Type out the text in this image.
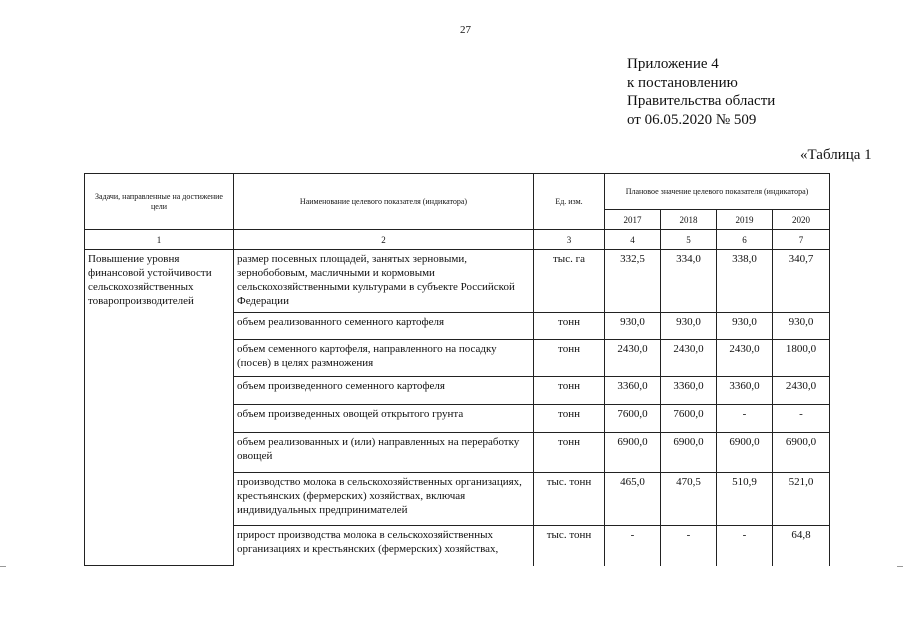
27
Приложение 4
к постановлению
Правительства области
от 06.05.2020 № 509
«Таблица 1
Задачи, направленные на достижение цели	Наименование целевого показателя (индикатора)	Ед. изм.	Плановое значение целевого показателя (индикатора)			
			2017	2018	2019	2020
1	2	3	4	5	6	7
Повышение уровня финансовой устойчивости сельскохозяйственных товаропроизводителей	размер посевных площадей, занятых зерновыми, зернобобовым, масличными и кормовыми сельскохозяйственными культурами в субъекте Российской Федерации	тыс. га	332,5	334,0	338,0	340,7
	объем реализованного семенного картофеля	тонн	930,0	930,0	930,0	930,0
	объем семенного картофеля, направленного на посадку (посев) в целях размножения	тонн	2430,0	2430,0	2430,0	1800,0
	объем произведенного семенного картофеля	тонн	3360,0	3360,0	3360,0	2430,0
	объем произведенных овощей открытого грунта	тонн	7600,0	7600,0	-	-
	объем реализованных и (или) направленных на переработку овощей	тонн	6900,0	6900,0	6900,0	6900,0
	производство молока в сельскохозяйственных организациях, крестьянских (фермерских) хозяйствах, включая индивидуальных предпринимателей	тыс. тонн	465,0	470,5	510,9	521,0
	прирост производства молока в сельскохозяйственных организациях и крестьянских (фермерских) хозяйствах,	тыс. тонн	-	-	-	64,8
